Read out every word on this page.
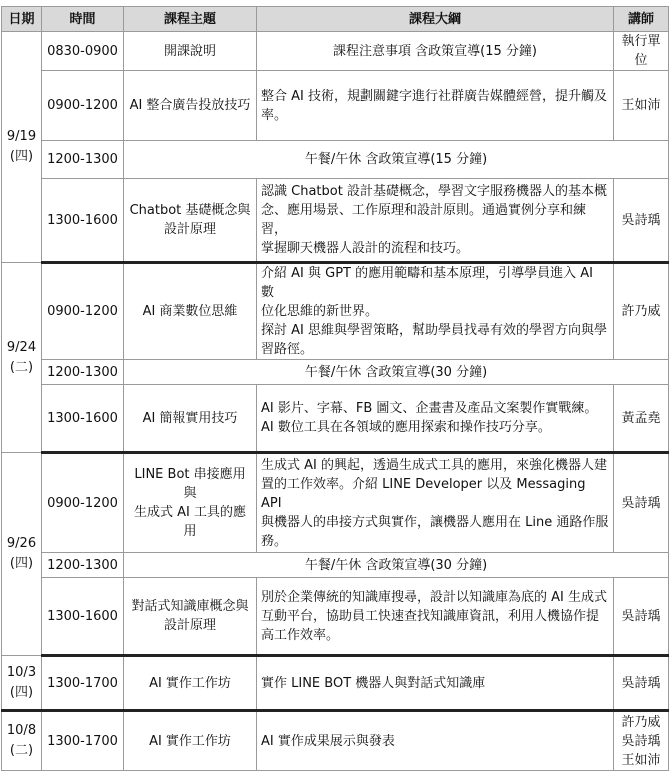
日期	時間	課程主題	課程大綱	講師

9/19
(四)	0830-0900	開課說明	課程注意事項 含政策宣導(15 分鐘)	執行單位

	0900-1200	AI 整合廣告投放技巧	整合 AI 技術，規劃關鍵字進行社群廣告媒體經營，提升觸及
率。	王如沛

	1200-1300	午餐/午休 含政策宣導(15 分鐘)		
	1300-1600	Chatbot 基礎概念與
設計原理	認識 Chatbot 設計基礎概念，學習文字服務機器人的基本概
念、應用場景、工作原理和設計原則。通過實例分享和練習，
掌握聊天機器人設計的流程和技巧。	吳詩瑀

9/24
(二)	0900-1200	AI 商業數位思維	介紹 AI 與 GPT 的應用範疇和基本原理，引導學員進入 AI 數
位化思維的新世界。
探討 AI 思維與學習策略，幫助學員找尋有效的學習方向與學
習路徑。	許乃威

	1200-1300	午餐/午休 含政策宣導(30 分鐘)		
	1300-1600	AI 簡報實用技巧	AI 影片、字幕、FB 圖文、企畫書及產品文案製作實戰練。
AI 數位工具在各領域的應用探索和操作技巧分享。	黃孟堯

9/26
(四)	0900-1200	LINE Bot 串接應用與
生成式 AI 工具的應用	生成式 AI 的興起，透過生成式工具的應用，來強化機器人建
置的工作效率。介紹 LINE Developer 以及 Messaging API
與機器人的串接方式與實作，讓機器人應用在 Line 通路作服
務。	吳詩瑀

	1200-1300	午餐/午休 含政策宣導(30 分鐘)		
	1300-1600	對話式知識庫概念與
設計原理	別於企業傳統的知識庫搜尋，設計以知識庫為底的 AI 生成式
互動平台，協助員工快速查找知識庫資訊，利用人機協作提
高工作效率。	吳詩瑀

10/3
(四)	1300-1700	AI 實作工作坊	實作 LINE BOT 機器人與對話式知識庫	吳詩瑀

10/8
(二)	1300-1700	AI 實作工作坊	AI 實作成果展示與發表	許乃威
吳詩瑀
王如沛
